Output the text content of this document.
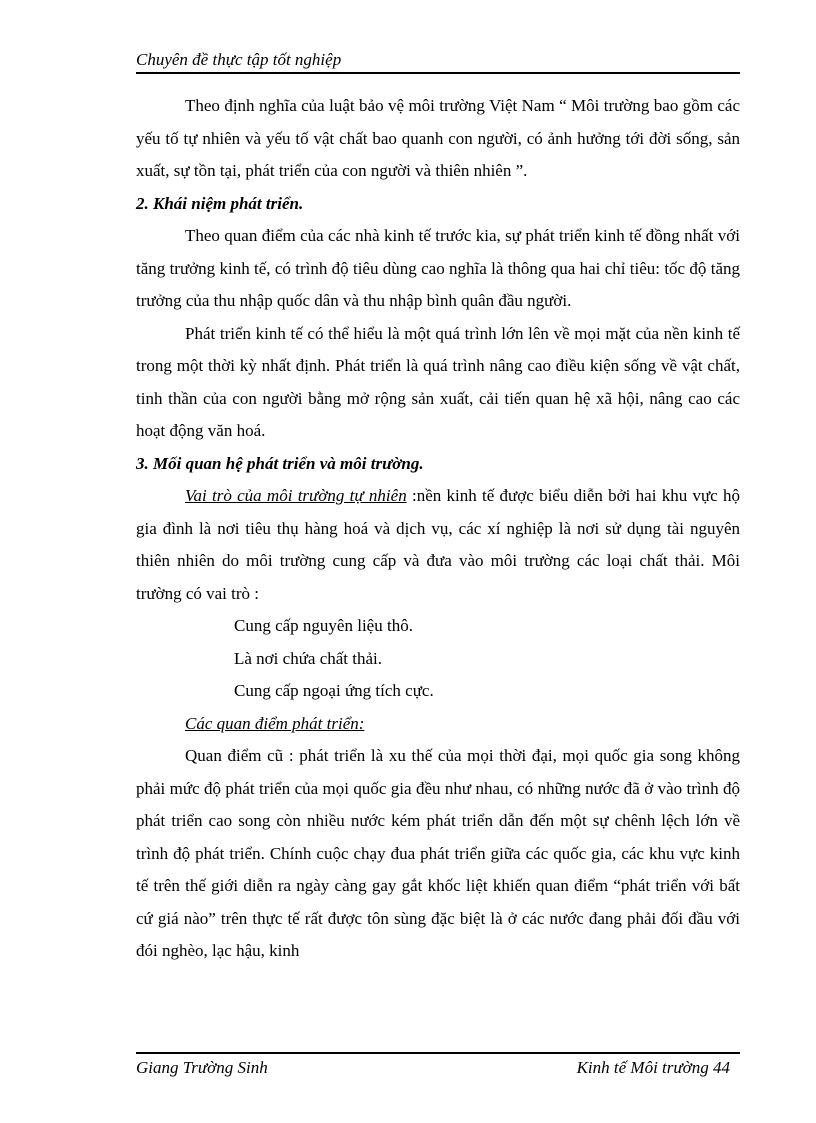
Chuyên đề thực tập tốt nghiệp

Theo định nghĩa của luật bảo vệ môi trường Việt Nam “ Môi trường bao gồm các yếu tố tự nhiên và yếu tố vật chất bao quanh con người, có ảnh hưởng tới đời sống, sản xuất, sự tồn tại, phát triển của con người và thiên nhiên ”.

2. Khái niệm phát triển.

Theo quan điểm của các nhà kinh tế trước kia, sự phát triển kinh tế đồng nhất với tăng trưởng kinh tế, có trình độ tiêu dùng cao nghĩa là thông qua hai chỉ tiêu: tốc độ tăng trưởng của thu nhập quốc dân và thu nhập bình quân đầu người.

Phát triển kinh tế có thể hiểu là một quá trình lớn lên về mọi mặt của nền kinh tế trong một thời kỳ nhất định. Phát triển là quá trình nâng cao điều kiện sống về vật chất, tinh thần của con người bằng mở rộng sản xuất, cải tiến quan hệ xã hội, nâng cao các hoạt động văn hoá.

3. Mối quan hệ phát triển và môi trường.

Vai trò của môi trường tự nhiên :nền kinh tế được biểu diễn bởi hai khu vực hộ gia đình là nơi tiêu thụ hàng hoá và dịch vụ, các xí nghiệp là nơi sử dụng tài nguyên thiên nhiên do môi trường cung cấp và đưa vào môi trường các loại chất thải. Môi trường có vai trò :

Cung cấp nguyên liệu thô.

Là nơi chứa chất thải.

Cung cấp ngoại ứng tích cực.

Các quan điểm phát triển:

Quan điểm cũ : phát triển là xu thế của mọi thời đại, mọi quốc gia song không phải mức độ phát triển của mọi quốc gia đều như nhau, có những nước đã ở vào trình độ phát triển cao song còn nhiều nước kém phát triển dẫn đến một sự chênh lệch lớn về trình độ phát triển. Chính cuộc chạy đua phát triển giữa các quốc gia, các khu vực kinh tế trên thế giới diễn ra ngày càng gay gắt khốc liệt khiến quan điểm “phát triển với bất cứ giá nào” trên thực tế rất được tôn sùng đặc biệt là ở các nước đang phải đối đầu với đói nghèo, lạc hậu, kinh

Giang Trường Sinh	Kinh tế Môi trường 44
